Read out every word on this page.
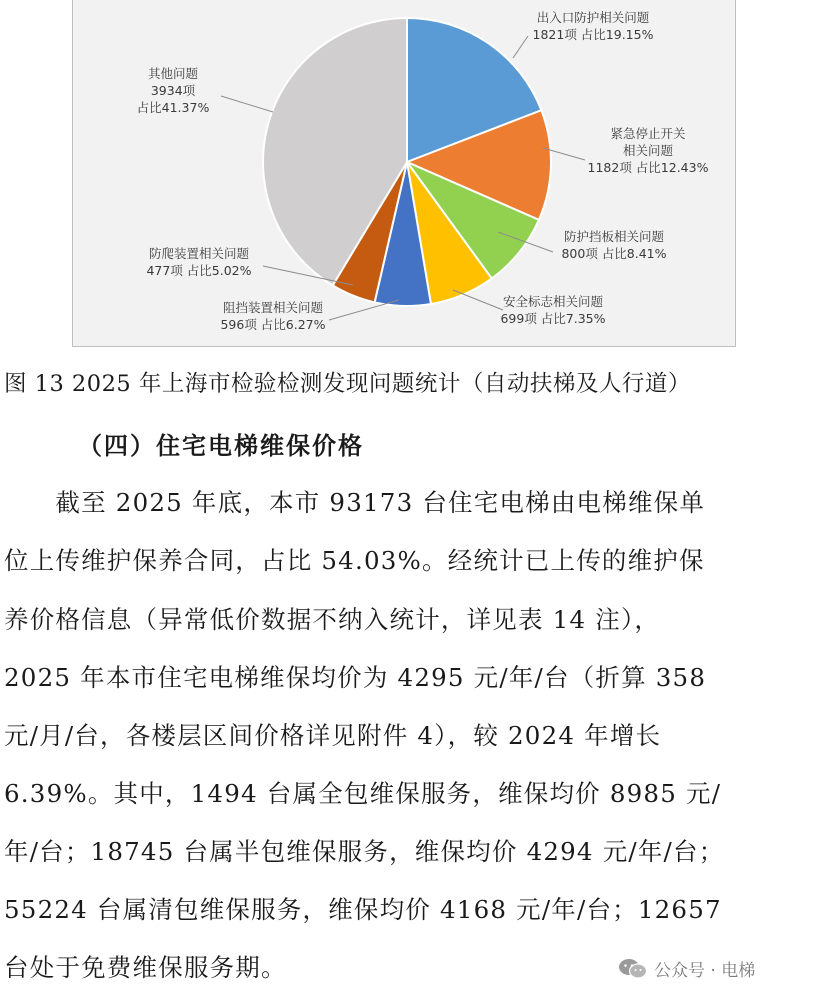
出入口防护相关问题 1821项 占比19.15%
紧急停止开关相关问题 1182项 占比12.43%
防护挡板相关问题 800项 占比8.41%
安全标志相关问题 699项 占比7.35%
阻挡装置相关问题 596项 占比6.27%
防爬装置相关问题 477项 占比5.02%
其他问题 3934项占比41.37%
图 13 2025 年上海市检验检测发现问题统计（自动扶梯及人行道）
（四）住宅电梯维保价格
　　截至 2025 年底，本市 93173 台住宅电梯由电梯维保单
位上传维护保养合同，占比 54.03%。经统计已上传的维护保
养价格信息（异常低价数据不纳入统计，详见表 14 注），
2025 年本市住宅电梯维保均价为 4295 元/年/台（折算 358
元/月/台，各楼层区间价格详见附件 4），较 2024 年增长
6.39%。其中，1494 台属全包维保服务，维保均价 8985 元/
年/台；18745 台属半包维保服务，维保均价 4294 元/年/台；
55224 台属清包维保服务，维保均价 4168 元/年/台；12657
台处于免费维保服务期。	公众号 · 电梯
